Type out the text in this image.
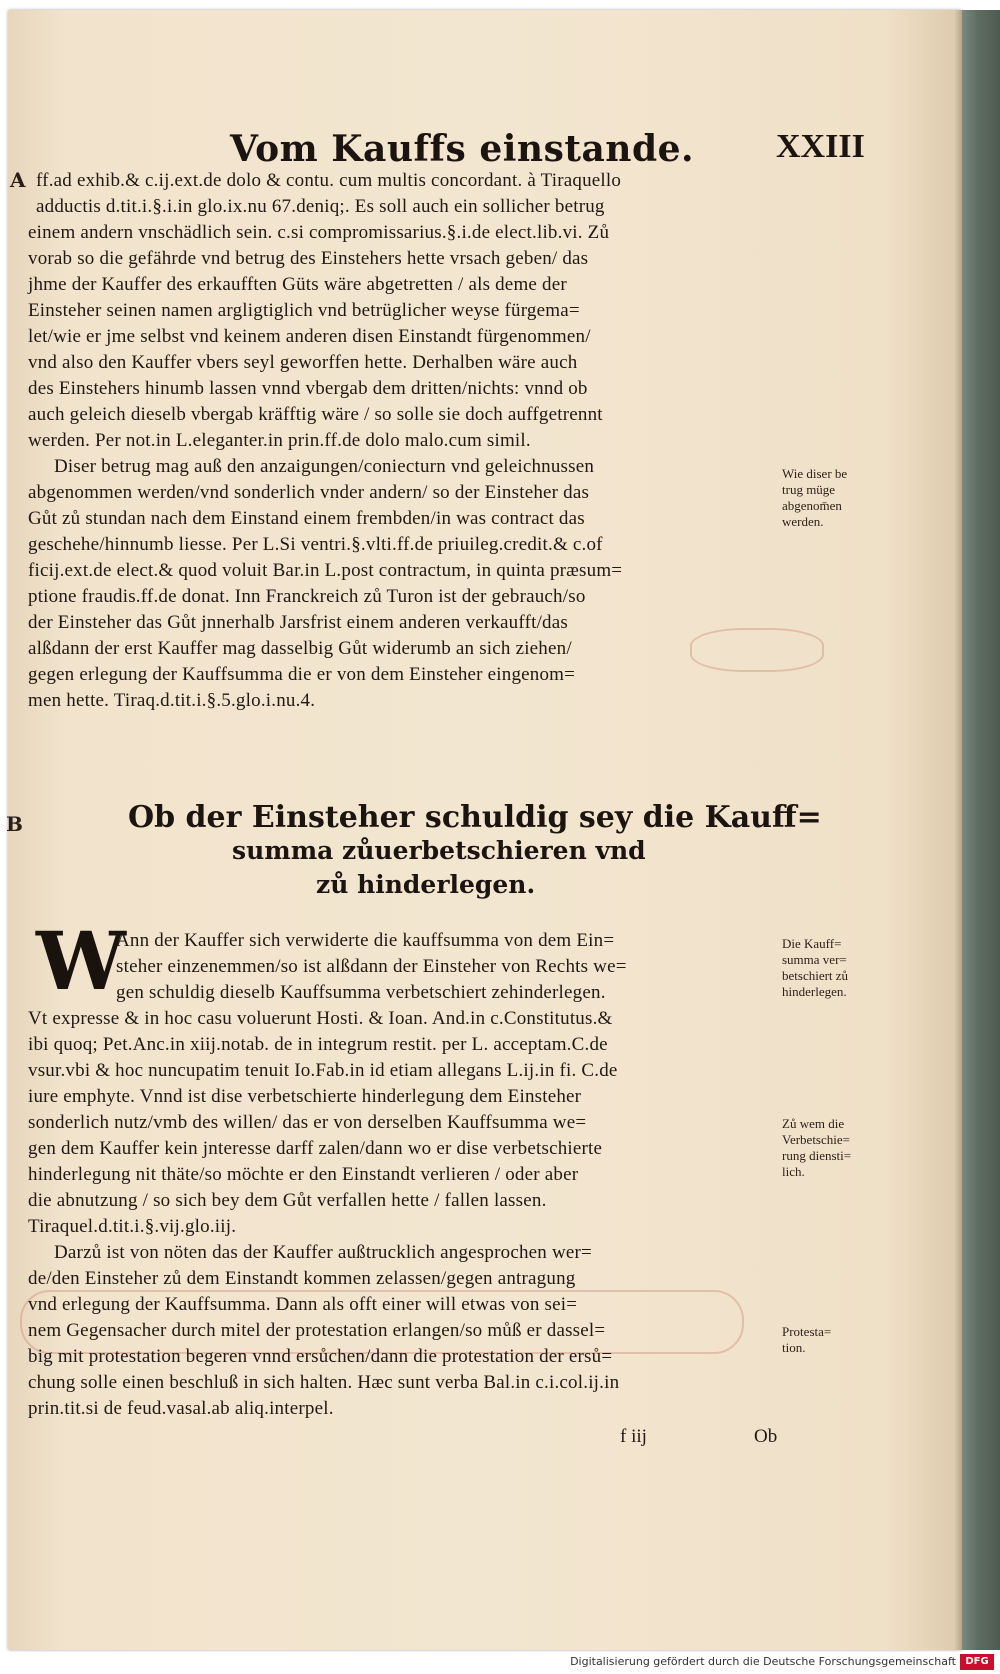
Vom Kauffs einstande. XXIII
A ff.ad exhib.& c.ij.ext.de dolo & contu. cum multis concordant. à Tiraquello
adductis d.tit.i.§.i.in glo.ix.nu 67.deniq;. Es soll auch ein sollicher betrug
einem andern vnschädlich sein. c.si compromissarius.§.i.de elect.lib.vi. Zů
vorab so die gefährde vnd betrug des Einstehers hette vrsach geben/ das
jhme der Kauffer des erkaufften Güts wäre abgetretten / als deme der
Einsteher seinen namen argligtiglich vnd betrüglicher weyse fürgema=
let/wie er jme selbst vnd keinem anderen disen Einstandt fürgenommen/
vnd also den Kauffer vbers seyl geworffen hette. Derhalben wäre auch
des Einstehers hinumb lassen vnnd vbergab dem dritten/nichts: vnnd ob
auch geleich dieselb vbergab kräfftig wäre / so solle sie doch auffgetrennt
werden. Per not.in L.eleganter.in prin.ff.de dolo malo.cum simil.
Diser betrug mag auß den anzaigungen/coniecturn vnd geleichnussen
abgenommen werden/vnd sonderlich vnder andern/ so der Einsteher das
Gůt zů stundan nach dem Einstand einem frembden/in was contract das
geschehe/hinnumb liesse. Per L.Si ventri.§.vlti.ff.de priuileg.credit.& c.of
ficij.ext.de elect.& quod voluit Bar.in L.post contractum, in quinta præsum=
ptione fraudis.ff.de donat. Inn Franckreich zů Turon ist der gebrauch/so
der Einsteher das Gůt jnnerhalb Jarsfrist einem anderen verkaufft/das
alßdann der erst Kauffer mag dasselbig Gůt widerumb an sich ziehen/
gegen erlegung der Kauffsumma die er von dem Einsteher eingenom=
men hette. Tiraq.d.tit.i.§.5.glo.i.nu.4.
Wie diser be
trug müge
abgenom̄en
werden.
B	Ob der Einsteher schuldig sey die Kauff=
summa zůuerbetschieren vnd
zů hinderlegen.
W
Ann der Kauffer sich verwiderte die kauffsumma von dem Ein=
steher einzenemmen/so ist alßdann der Einsteher von Rechts we=
gen schuldig dieselb Kauffsumma verbetschiert zehinderlegen.
Vt expresse & in hoc casu voluerunt Hosti. & Ioan. And.in c.Constitutus.&
ibi quoq; Pet.Anc.in xiij.notab. de in integrum restit. per L. acceptam.C.de
vsur.vbi & hoc nuncupatim tenuit Io.Fab.in id etiam allegans L.ij.in fi. C.de
iure emphyte. Vnnd ist dise verbetschierte hinderlegung dem Einsteher
sonderlich nutz/vmb des willen/ das er von derselben Kauffsumma we=
gen dem Kauffer kein jnteresse darff zalen/dann wo er dise verbetschierte
hinderlegung nit thäte/so möchte er den Einstandt verlieren / oder aber
die abnutzung / so sich bey dem Gůt verfallen hette / fallen lassen.
Tiraquel.d.tit.i.§.vij.glo.iij.
Darzů ist von nöten das der Kauffer außtrucklich angesprochen wer=
de/den Einsteher zů dem Einstandt kommen zelassen/gegen antragung
vnd erlegung der Kauffsumma. Dann als offt einer will etwas von sei=
nem Gegensacher durch mitel der protestation erlangen/so můß er dassel=
big mit protestation begeren vnnd ersůchen/dann die protestation der ersů=
chung solle einen beschluß in sich halten. Hæc sunt verba Bal.in c.i.col.ij.in
prin.tit.si de feud.vasal.ab aliq.interpel.
Die Kauff=
summa ver=
betschiert zů
hinderlegen.
Zů wem die
Verbetschie=
rung diensti=
lich.
Protesta=
tion.
f iij	Ob
Digitalisierung gefördert durch die Deutsche Forschungsgemeinschaft DFG
